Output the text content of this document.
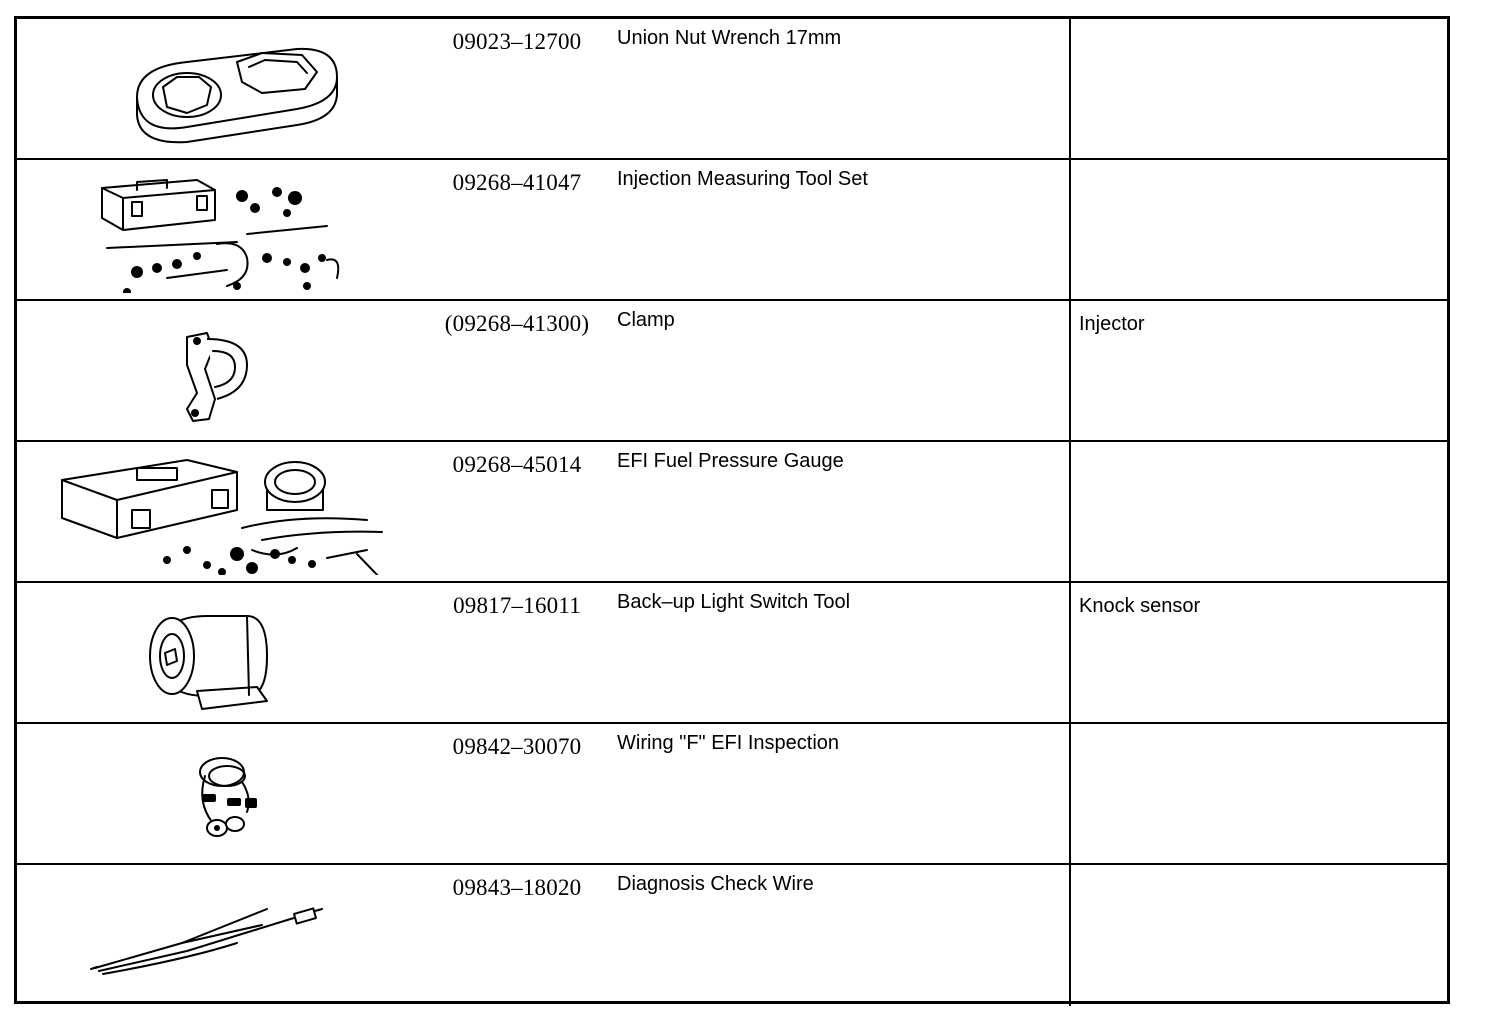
09023–12700	Union Nut Wrench 17mm
09268–41047	Injection Measuring Tool Set
(09268–41300)	Clamp	Injector
09268–45014	EFI Fuel Pressure Gauge
09817–16011	Back–up Light Switch Tool	Knock sensor
09842–30070	Wiring "F" EFI Inspection
09843–18020	Diagnosis Check Wire
